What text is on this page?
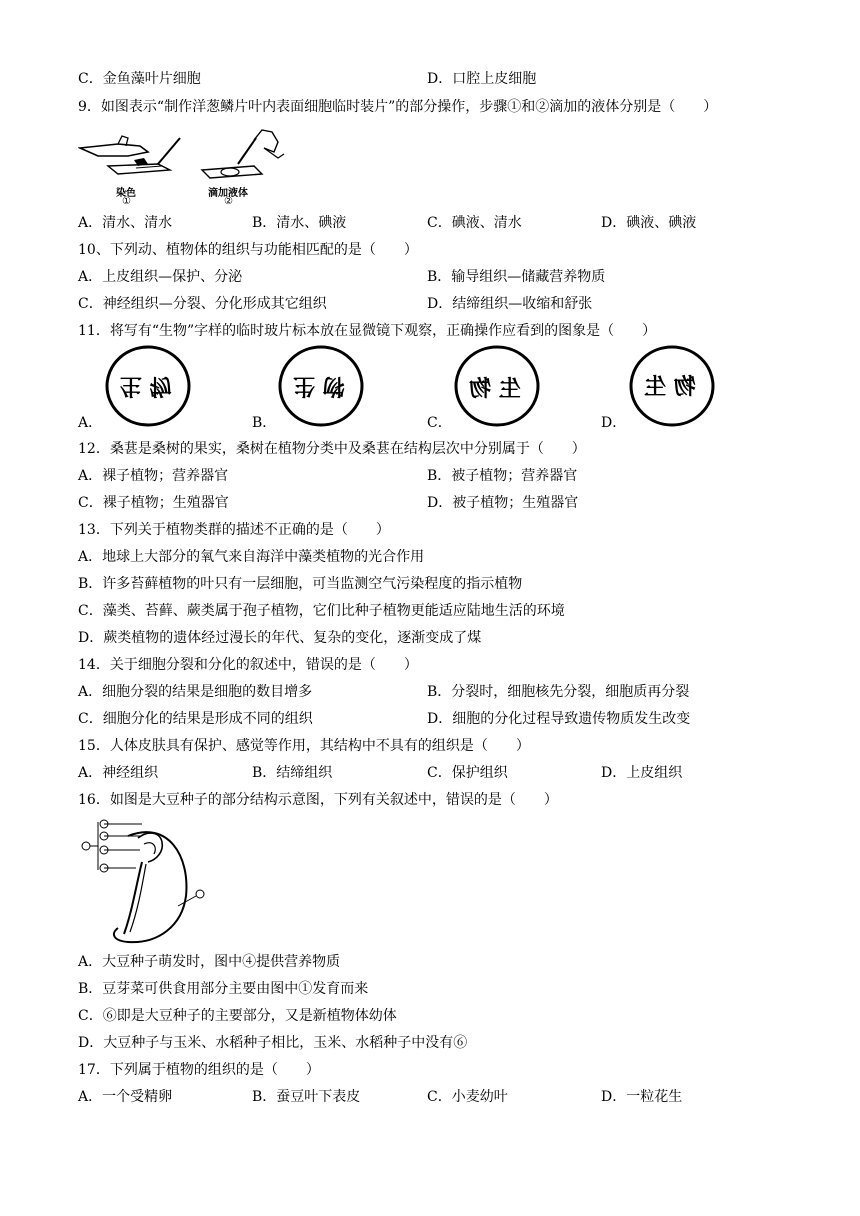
C．金鱼藻叶片细胞	D．口腔上皮细胞
9．如图表示“制作洋葱鳞片叶内表面细胞临时装片”的部分操作，步骤①和②滴加的液体分别是（　　）
染色
①
滴加液体
②
A．清水、清水	B．清水、碘液	C．碘液、清水	D．碘液、碘液
10、下列动、植物体的组织与功能相匹配的是（　　）
A．上皮组织—保护、分泌	B．输导组织—储藏营养物质
C．神经组织—分裂、分化形成其它组织	D．结缔组织—收缩和舒张
11．将写有“生物”字样的临时玻片标本放在显微镜下观察，正确操作应看到的图象是（　　）
A．
生 物
B．
物 生
C．
生 物
D．
物 生
12．桑葚是桑树的果实，桑树在植物分类中及桑葚在结构层次中分别属于（　　）
A．裸子植物；营养器官	B．被子植物；营养器官
C．裸子植物；生殖器官	D．被子植物；生殖器官
13．下列关于植物类群的描述不正确的是（　　）
A．地球上大部分的氧气来自海洋中藻类植物的光合作用
B．许多苔藓植物的叶只有一层细胞，可当监测空气污染程度的指示植物
C．藻类、苔藓、蕨类属于孢子植物，它们比种子植物更能适应陆地生活的环境
D．蕨类植物的遗体经过漫长的年代、复杂的变化，逐渐变成了煤
14．关于细胞分裂和分化的叙述中，错误的是（　　）
A．细胞分裂的结果是细胞的数目增多	B．分裂时，细胞核先分裂，细胞质再分裂
C．细胞分化的结果是形成不同的组织	D．细胞的分化过程导致遗传物质发生改变
15．人体皮肤具有保护、感觉等作用，其结构中不具有的组织是（　　）
A．神经组织	B．结缔组织	C．保护组织	D．上皮组织
16．如图是大豆种子的部分结构示意图，下列有关叙述中，错误的是（　　）
A．大豆种子萌发时，图中④提供营养物质
B．豆芽菜可供食用部分主要由图中①发育而来
C．⑥即是大豆种子的主要部分，又是新植物体幼体
D．大豆种子与玉米、水稻种子相比，玉米、水稻种子中没有⑥
17．下列属于植物的组织的是（　　）
A．一个受精卵	B．蚕豆叶下表皮	C．小麦幼叶	D．一粒花生
